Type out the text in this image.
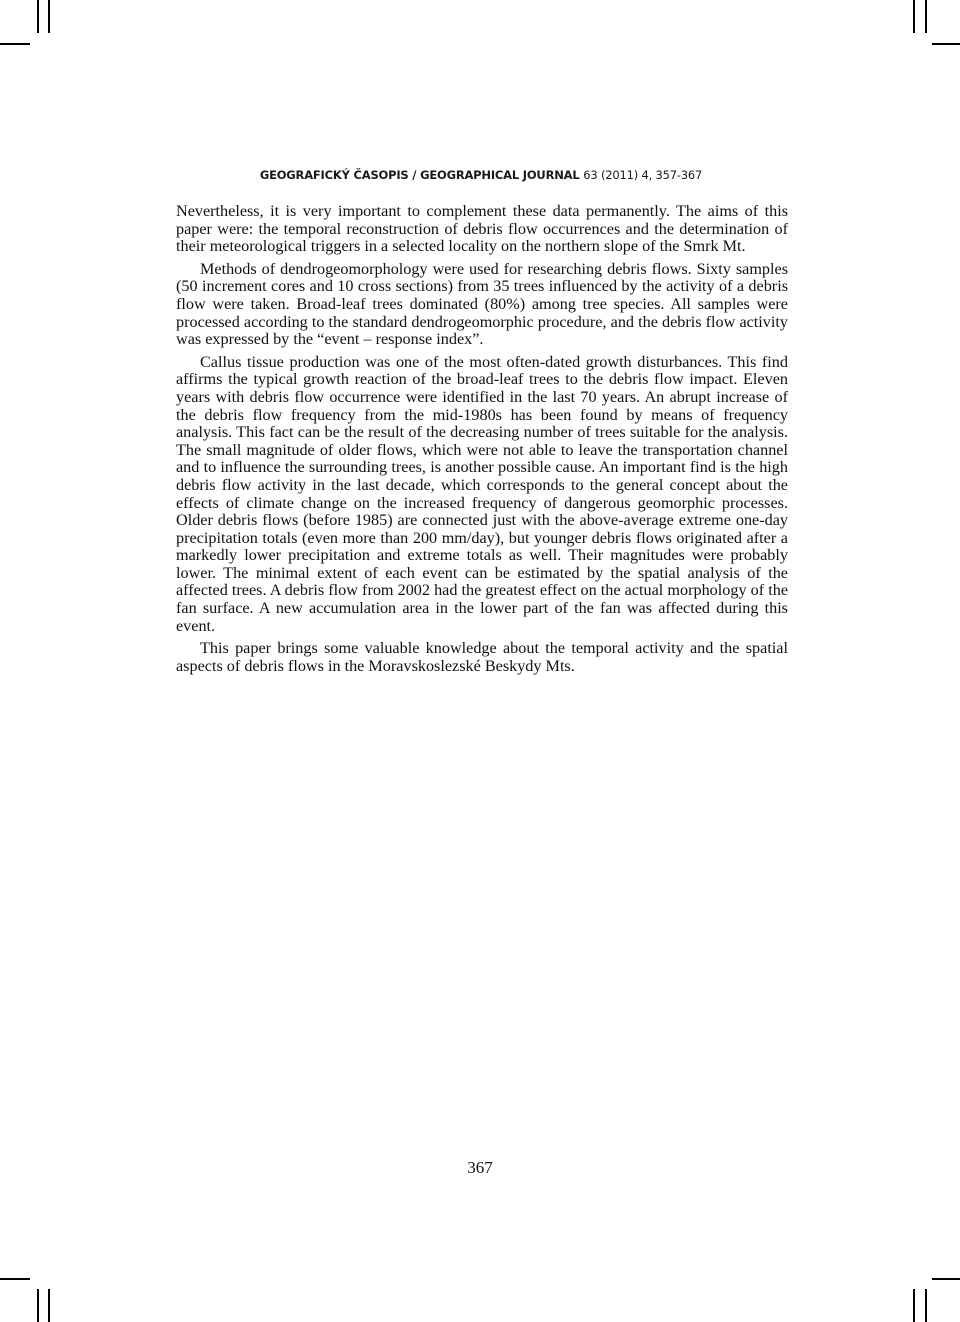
GEOGRAFICKÝ ČASOPIS / GEOGRAPHICAL JOURNAL 63 (2011) 4, 357-367

Nevertheless, it is very important to complement these data permanently. The aims of this paper were: the temporal reconstruction of debris flow occurrences and the determination of their meteorological triggers in a selected locality on the northern slope of the Smrk Mt.

Methods of dendrogeomorphology were used for researching debris flows. Sixty samples (50 increment cores and 10 cross sections) from 35 trees influenced by the activity of a debris flow were taken. Broad-leaf trees dominated (80%) among tree species. All samples were processed according to the standard dendrogeomorphic procedure, and the debris flow activity was expressed by the “event – response index”.

Callus tissue production was one of the most often-dated growth disturbances. This find affirms the typical growth reaction of the broad-leaf trees to the debris flow impact. Eleven years with debris flow occurrence were identified in the last 70 years. An abrupt increase of the debris flow frequency from the mid-1980s has been found by means of frequency analysis. This fact can be the result of the decreasing number of trees suitable for the analysis. The small magnitude of older flows, which were not able to leave the transportation channel and to influence the surrounding trees, is another possible cause. An important find is the high debris flow activity in the last decade, which corresponds to the general concept about the effects of climate change on the increased frequency of dangerous geomorphic processes. Older debris flows (before 1985) are connected just with the above-average extreme one-day precipitation totals (even more than 200 mm/day), but younger debris flows originated after a markedly lower precipitation and extreme totals as well. Their magnitudes were probably lower. The minimal extent of each event can be estimated by the spatial analysis of the affected trees. A debris flow from 2002 had the greatest effect on the actual morphology of the fan surface. A new accumulation area in the lower part of the fan was affected during this event.

This paper brings some valuable knowledge about the temporal activity and the spatial aspects of debris flows in the Moravskoslezské Beskydy Mts.

367
